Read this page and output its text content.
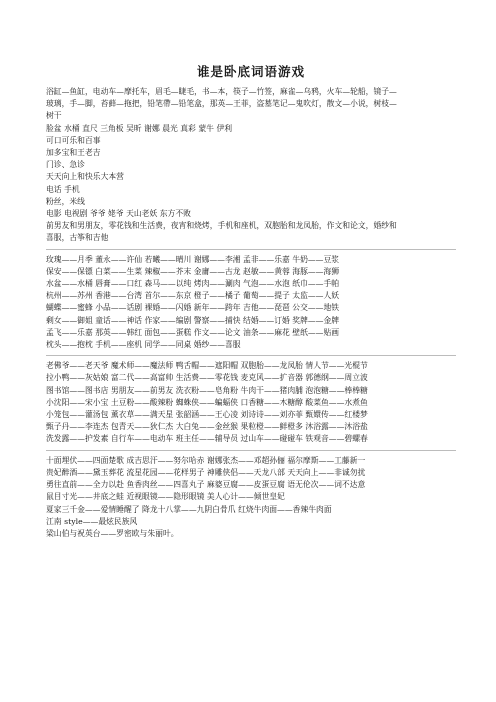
谁是卧底词语游戏
浴缸—鱼缸，电动车—摩托车，眉毛—睫毛，书—本，筷子—竹签，麻雀—乌鸦，火车—轮船，镜子—
玻璃，手—脚，苔藓—拖把，铅笔帶—铅笔盒，那英—王菲，盗墓笔记—鬼吹灯，散文—小说，树枝—
树干
脸盆 水桶 直尺 三角板 吴昕 谢娜 晨光 真彩 蒙牛 伊利
可口可乐和百事
加多宝和王老吉
门诊、急诊
天天向上和快乐大本营
电话 手机
粉丝，米线
电影 电视剧 爷爷 姥爷 天山老妖 东方不败
前男友和男朋友，零花钱和生活费，夜宵和烧烤，手机和座机，双胞胎和龙凤胎，作文和论文，婚纱和
喜服，古筝和吉他
玫瑰——月季 董永——许仙 若曦——晴川 谢娜——李湘 孟非——乐嘉 牛奶——豆浆
保安——保镖 白菜——生菜 辣椒——芥末 金庸——古龙 赵敏——黄蓉 海豚——海狮
水盆——水桶 唇膏——口红 森马——以纯 烤肉——涮肉 气泡——水泡 纸巾——手帕
杭州——苏州 香港——台湾 首尔——东京 橙子——橘子 葡萄——提子 太监——人妖
蝴蝶——蜜蜂 小品——话剧 裸婚——闪婚 新年——跨年 吉他——琵琶 公交——地铁
剩女——御姐 童话——神话 作家——编剧 警察——捕快 结婚——订婚 奖牌——金牌
孟飞——乐嘉 那英——韩红 面包——蛋糕 作文——论文 油条——麻花 壁纸——贴画
枕头——抱枕 手机——座机 同学——同桌 婚纱——喜服
老佛爷——老天爷 魔术师——魔法师 鸭舌帽——遮阳帽 双胞胎——龙凤胎 情人节——光棍节
拉小鸭——灰姑娘 富二代——高富帅 生活费——零花钱 麦克风——扩音器 郭德纲——周立波
图书馆——图书店 男朋友——前男友 洗衣粉——皂角粉 牛肉干——猪肉脯 泡泡糖——棒棒糖
小沈阳——宋小宝 土豆粉——酸辣粉 蜘蛛侠——蝙蝠侠 口香糖——木糖醇 酸菜鱼——水煮鱼
小笼包——灌汤包 薰衣草——满天星 张韶涵——王心凌 刘诗诗——刘亦菲 甄嬛传——红楼梦
甄子丹——李连杰 包青天——狄仁杰 大白兔——金丝猴 果粒橙——鲜橙多 沐浴露——沐浴盐
洗发露——护发素 自行车——电动车 班主任——辅导员 过山车——碰碰车 铁观音——碧螺春
十面埋伏——四面楚歌 成吉思汗——努尔哈赤 谢娜张杰——邓超孙俪 福尔摩斯——工藤新一
贵妃醉酒——黛玉葬花 流星花园——花样男子 神雕侠侣——天龙八部 天天向上——非诚勿扰
勇往直前——全力以赴 鱼香肉丝——四喜丸子 麻婆豆腐——皮蛋豆腐 语无伦次——词不达意
鼠目寸光——井底之蛙 近视眼镜——隐形眼镜 美人心计——倾世皇妃
夏家三千金——爱情睡醒了 降龙十八掌——九阴白骨爪 红烧牛肉面——香辣牛肉面
江南 style——最炫民族风
梁山伯与祝英台——罗密欧与朱丽叶。
